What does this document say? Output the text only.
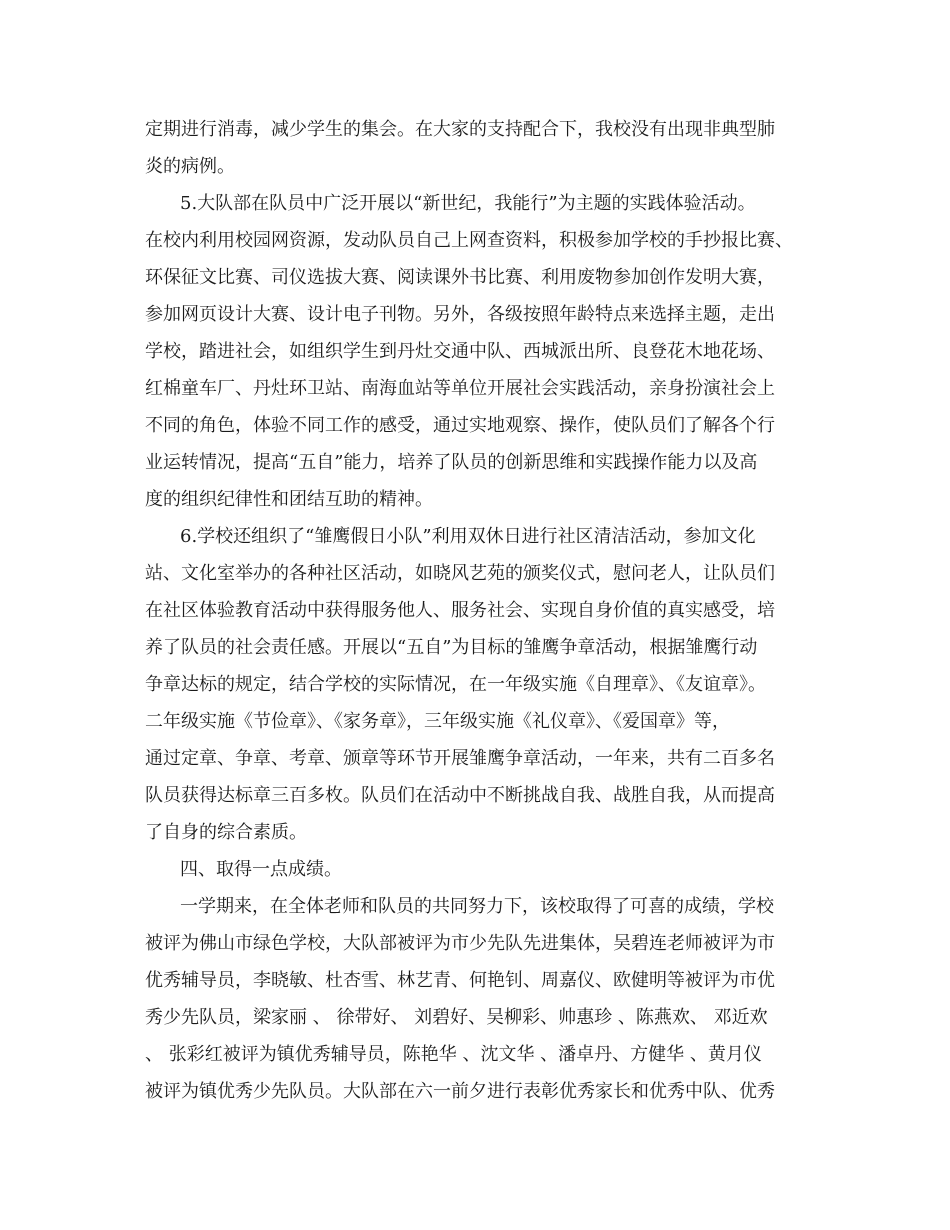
定期进行消毒，减少学生的集会。在大家的支持配合下，我校没有出现非典型肺
炎的病例。
5.大队部在队员中广泛开展以“新世纪，我能行”为主题的实践体验活动。
在校内利用校园网资源，发动队员自己上网查资料，积极参加学校的手抄报比赛、
环保征文比赛、司仪选拔大赛、阅读课外书比赛、利用废物参加创作发明大赛，
参加网页设计大赛、设计电子刊物。另外，各级按照年龄特点来选择主题，走出
学校，踏进社会，如组织学生到丹灶交通中队、西城派出所、良登花木地花场、
红棉童车厂、丹灶环卫站、南海血站等单位开展社会实践活动，亲身扮演社会上
不同的角色，体验不同工作的感受，通过实地观察、操作，使队员们了解各个行
业运转情况，提高“五自”能力，培养了队员的创新思维和实践操作能力以及高
度的组织纪律性和团结互助的精神。
6.学校还组织了“雏鹰假日小队”利用双休日进行社区清洁活动，参加文化
站、文化室举办的各种社区活动，如晓风艺苑的颁奖仪式，慰问老人，让队员们
在社区体验教育活动中获得服务他人、服务社会、实现自身价值的真实感受，培
养了队员的社会责任感。开展以“五自”为目标的雏鹰争章活动，根据雏鹰行动
争章达标的规定，结合学校的实际情况，在一年级实施《自理章》、《友谊章》。
二年级实施《节俭章》、《家务章》，三年级实施《礼仪章》、《爱国章》等，
通过定章、争章、考章、颁章等环节开展雏鹰争章活动，一年来，共有二百多名
队员获得达标章三百多枚。队员们在活动中不断挑战自我、战胜自我，从而提高
了自身的综合素质。
四、取得一点成绩。
一学期来，在全体老师和队员的共同努力下，该校取得了可喜的成绩，学校
被评为佛山市绿色学校，大队部被评为市少先队先进集体，吴碧连老师被评为市
优秀辅导员，李晓敏、杜杏雪、林艺青、何艳钊、周嘉仪、欧健明等被评为市优
秀少先队员，梁家丽 、 徐带好、 刘碧好、吴柳彩、帅惠珍 、陈燕欢、 邓近欢
、 张彩红被评为镇优秀辅导员，陈艳华 、沈文华 、潘卓丹、方健华 、黄月仪
被评为镇优秀少先队员。大队部在六一前夕进行表彰优秀家长和优秀中队、优秀
